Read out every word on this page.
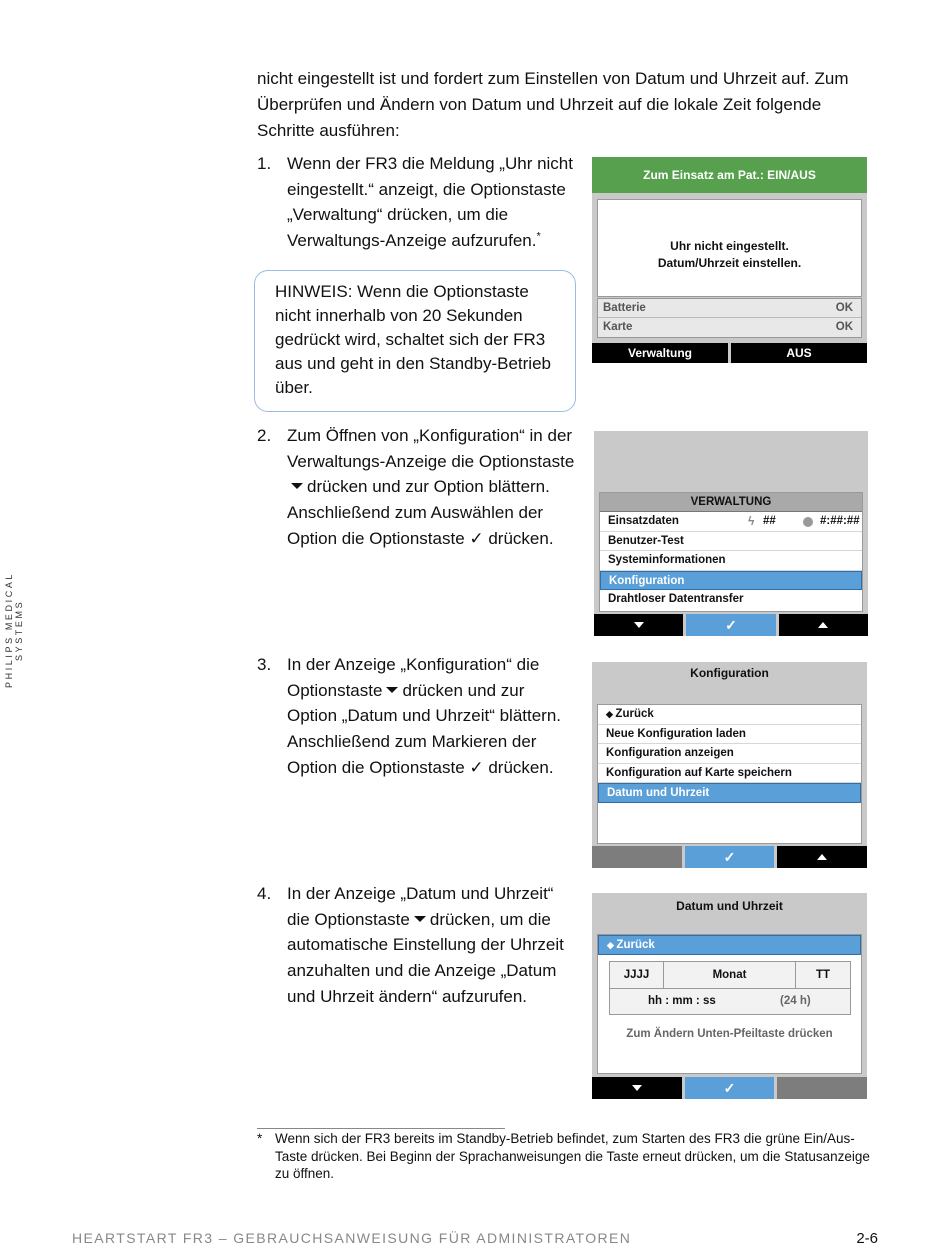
PHILIPS MEDICAL SYSTEMS

nicht eingestellt ist und fordert zum Einstellen von Datum und Uhrzeit auf. Zum Überprüfen und Ändern von Datum und Uhrzeit auf die lokale Zeit folgende Schritte ausführen:

1. Wenn der FR3 die Meldung „Uhr nicht eingestellt.“ anzeigt, die Optionstaste „Verwaltung“ drücken, um die Verwaltungs-Anzeige aufzurufen.*
HINWEIS: Wenn die Optionstaste nicht innerhalb von 20 Sekunden gedrückt wird, schaltet sich der FR3 aus und geht in den Standby-Betrieb über.
2. Zum Öffnen von „Konfiguration“ in der Verwaltungs-Anzeige die Optionstastedrücken und zur Option blättern. Anschließend zum Auswählen der Option die Optionstaste ✓ drücken.
3. In der Anzeige „Konfiguration“ die Optionstaste drücken und zur Option „Datum und Uhrzeit“ blättern. Anschließend zum Markieren der Option die Optionstaste ✓ drücken.
4. In der Anzeige „Datum und Uhrzeit“ die Optionstaste drücken, um die automatische Einstellung der Uhrzeit anzuhalten und die Anzeige „Datum und Uhrzeit ändern“ aufzurufen.
Zum Einsatz am Pat.: EIN/AUS
Uhr nicht eingestellt.
Datum/Uhrzeit einstellen.
Batterie	OK
Karte	OK
Verwaltung	AUS
VERWALTUNG
Einsatzdaten	ϟ ##	#:##:##
Benutzer-Test
Systeminformationen
Konfiguration
Drahtloser Datentransfer
✓
Konfiguration
◆ Zurück
Neue Konfiguration laden
Konfiguration anzeigen
Konfiguration auf Karte speichern
Datum und Uhrzeit
✓
Datum und Uhrzeit
◆ Zurück
JJJJ	Monat	TT
hh : mm : ss	(24 h)
Zum Ändern Unten-Pfeiltaste drücken
✓
* Wenn sich der FR3 bereits im Standby-Betrieb befindet, zum Starten des FR3 die grüne Ein/Aus-Taste drücken. Bei Beginn der Sprachanweisungen die Taste erneut drücken, um die Statusanzeige zu öffnen.
HEARTSTART FR3 – GEBRAUCHSANWEISUNG FÜR ADMINISTRATOREN	2-6
